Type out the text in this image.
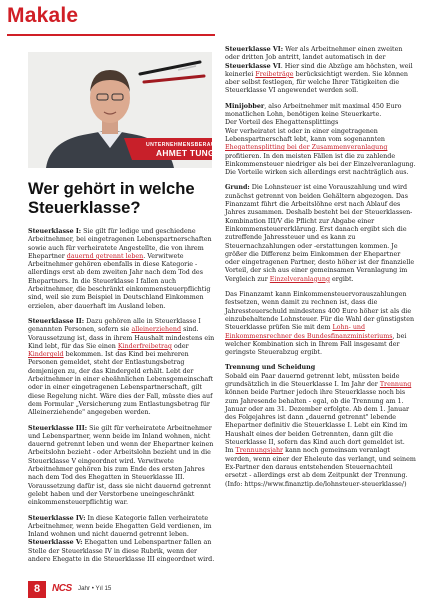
Makale
UNTERNEHMENSBERAUNG
AHMET TUNGA
Wer gehört in welche Steuerklasse?

Steuerklasse I: Sie gilt für ledige und geschiedene Arbeitnehmer, bei eingetragenen Lebenspartnerschaften sowie auch für verheiratete Angestellte, die von ihrem Ehepartner dauernd getrennt leben. Verwitwete Arbeitnehmer gehören ebenfalls in diese Kategorie - allerdings erst ab dem zweiten Jahr nach dem Tod des Ehepartners. In die Steuerklasse I fallen auch Arbeitnehmer, die beschränkt einkommensteuerpflichtig sind, weil sie zum Beispiel in Deutschland Einkommen erzielen, aber dauerhaft im Ausland leben.

Steuerklasse II: Dazu gehören alle in Steuerklasse I genannten Personen, sofern sie alleinerziehend sind. Voraussetzung ist, dass in ihrem Haushalt mindestens ein Kind lebt, für das Sie einen Kinderfreibetrag oder Kindergeld bekommen. Ist das Kind bei mehreren Personen gemeldet, steht der Entlastungsbetrag demjenigen zu, der das Kindergeld erhält. Lebt der Arbeitnehmer in einer eheähnlichen Lebensgemeinschaft oder in einer eingetragenen Lebenspartnerschaft, gilt diese Regelung nicht. Wäre dies der Fall, müsste dies auf dem Formular „Versicherung zum Entlastungsbetrag für Alleinerziehende" angegeben werden.

Steuerklasse III: Sie gilt für verheiratete Arbeitnehmer und Lebenspartner, wenn beide im Inland wohnen, nicht dauernd getrennt leben und wenn der Ehepartner keinen Arbeitslohn bezieht - oder Arbeitslohn bezieht und in die Steuerklasse V eingeordnet wird. Verwitwete Arbeitnehmer gehören bis zum Ende des ersten Jahres nach dem Tod des Ehegatten in Steuerklasse III. Voraussetzung dafür ist, dass sie nicht dauernd getrennt gelebt haben und der Verstorbene uneingeschränkt einkommensteuerpflichtig war.

Steuerklasse IV: In diese Kategorie fallen verheiratete Arbeitnehmer, wenn beide Ehegatten Geld verdienen, im Inland wohnen und nicht dauernd getrennt leben. Steuerklasse V: Ehegatten und Lebenspartner fallen an Stelle der Steuerklasse IV in diese Rubrik, wenn der andere Ehegatte in die Steuerklasse III eingeordnet wird.

Steuerklasse VI: Wer als Arbeitnehmer einen zweiten oder dritten Job antritt, landet automatisch in der Steuerklasse VI. Hier sind die Abzüge am höchsten, weil keinerlei Freibeträge berücksichtigt werden. Sie können aber selbst festlegen, für welche Ihrer Tätigkeiten die Steuerklasse VI angewendet werden soll.

Minijobber, also Arbeitnehmer mit maximal 450 Euro monatlichen Lohn, benötigen keine Steuerkarte.
Der Vorteil des Ehegattensplittings
Wer verheiratet ist oder in einer eingetragenen Lebenspartnerschaft lebt, kann vom sogenannten Ehegattensplitting bei der Zusammenveranlagung profitieren. In den meisten Fällen ist die zu zahlende Einkommensteuer niedriger als bei der Einzelveranlagung. Die Vorteile wirken sich allerdings erst nachträglich aus.

Grund: Die Lohnsteuer ist eine Vorauszahlung und wird zunächst getrennt von beiden Gehältern abgezogen. Das Finanzamt führt die Arbeitslöhne erst nach Ablauf des Jahres zusammen. Deshalb besteht bei der Steuerklassen-Kombination III/V die Pflicht zur Abgabe einer Einkommensteuererklärung. Erst danach ergibt sich die zutreffende Jahressteuer und es kann zu Steuernachzahlungen oder -erstattungen kommen. Je größer die Differenz beim Einkommen der Ehepartner oder eingetragenen Partner, desto höher ist der finanzielle Vorteil, der sich aus einer gemeinsamen Veranlagung im Vergleich zur Einzelveranlagung ergibt.

Das Finanzamt kann Einkommensteuervorauszahlungen festsetzen, wenn damit zu rechnen ist, dass die Jahressteuerschuld mindestens 400 Euro höher ist als die einzubehaltende Lohnsteuer. Für die Wahl der günstigsten Steuerklasse prüfen Sie mit dem Lohn- und Einkommensrechner des Bundesfinanzministeriums, bei welcher Kombination sich in Ihrem Fall insgesamt der geringste Steuerabzug ergibt.

Trennung und Scheidung
Sobald ein Paar dauernd getrennt lebt, müssten beide grundsätzlich in die Steuerklasse I. Im Jahr der Trennung können beide Partner jedoch ihre Steuerklasse noch bis zum Jahresende behalten - egal, ob die Trennung am 1. Januar oder am 31. Dezember erfolgte. Ab dem 1. Januar des Folgejahres ist dann „dauernd getrennt" lebende Ehepartner definitiv die Steuerklasse I. Lebt ein Kind im Haushalt eines der beiden Getrennten, dann gilt die Steuerklasse II, sofern das Kind auch dort gemeldet ist.
Im Trennungsjahr kann noch gemeinsam veranlagt werden, wenn einer der Eheleute das verlangt, und seinem Ex-Partner den daraus entstehenden Steuernachteil ersetzt - allerdings erst ab dem Zeitpunkt der Trennung. (Info: https://www.finanztip.de/lohnsteuer-steuerklasse/)

8	NCS Jahr • Yıl 15
